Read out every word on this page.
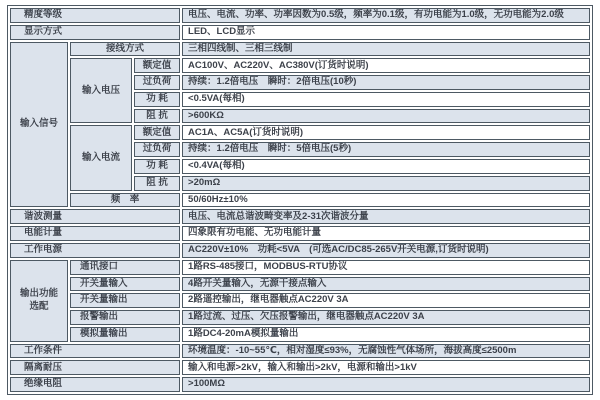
精度等级			电压、电流、功率、功率因数为0.5级，频率为0.1级，有功电能为1.0级，无功电能为2.0级
显示方式			LED、LCD显示
输入信号	接线方式		三相四线制、三相三线制
	输入电压	额定值	AC100V、AC220V、AC380V(订货时说明)
		过负荷	持续：1.2倍电压　瞬时：2倍电压(10秒)
		功 耗	<0.5VA(每相)
		阻 抗	>600KΩ
	输入电流	额定值	AC1A、AC5A(订货时说明)
		过负荷	持续：1.2倍电压　瞬时：5倍电压(5秒)
		功 耗	<0.4VA(每相)
		阻 抗	>20mΩ
	频　率		50/60Hz±10%
谐波测量			电压、电流总谐波畸变率及2-31次谐波分量
电能计量			四象限有功电能、无功电能计量
工作电源			AC220V±10%　功耗<5VA　(可选AC/DC85-265V开关电源,订货时说明)
输出功能选配	通讯接口		1路RS-485接口，MODBUS-RTU协议
	开关量输入		4路开关量输入，无源干接点输入
	开关量输出		2路遥控输出，继电器触点AC220V 3A
	报警输出		1路过流、过压、欠压报警输出，继电器触点AC220V 3A
	模拟量输出		1路DC4-20mA模拟量输出
工作条件			环境温度：-10~55℃，相对湿度≤93%，无腐蚀性气体场所，海拔高度≤2500m
隔离耐压			输入和电源>2kV，输入和输出>2kV，电源和输出>1kV
绝缘电阻			>100MΩ
